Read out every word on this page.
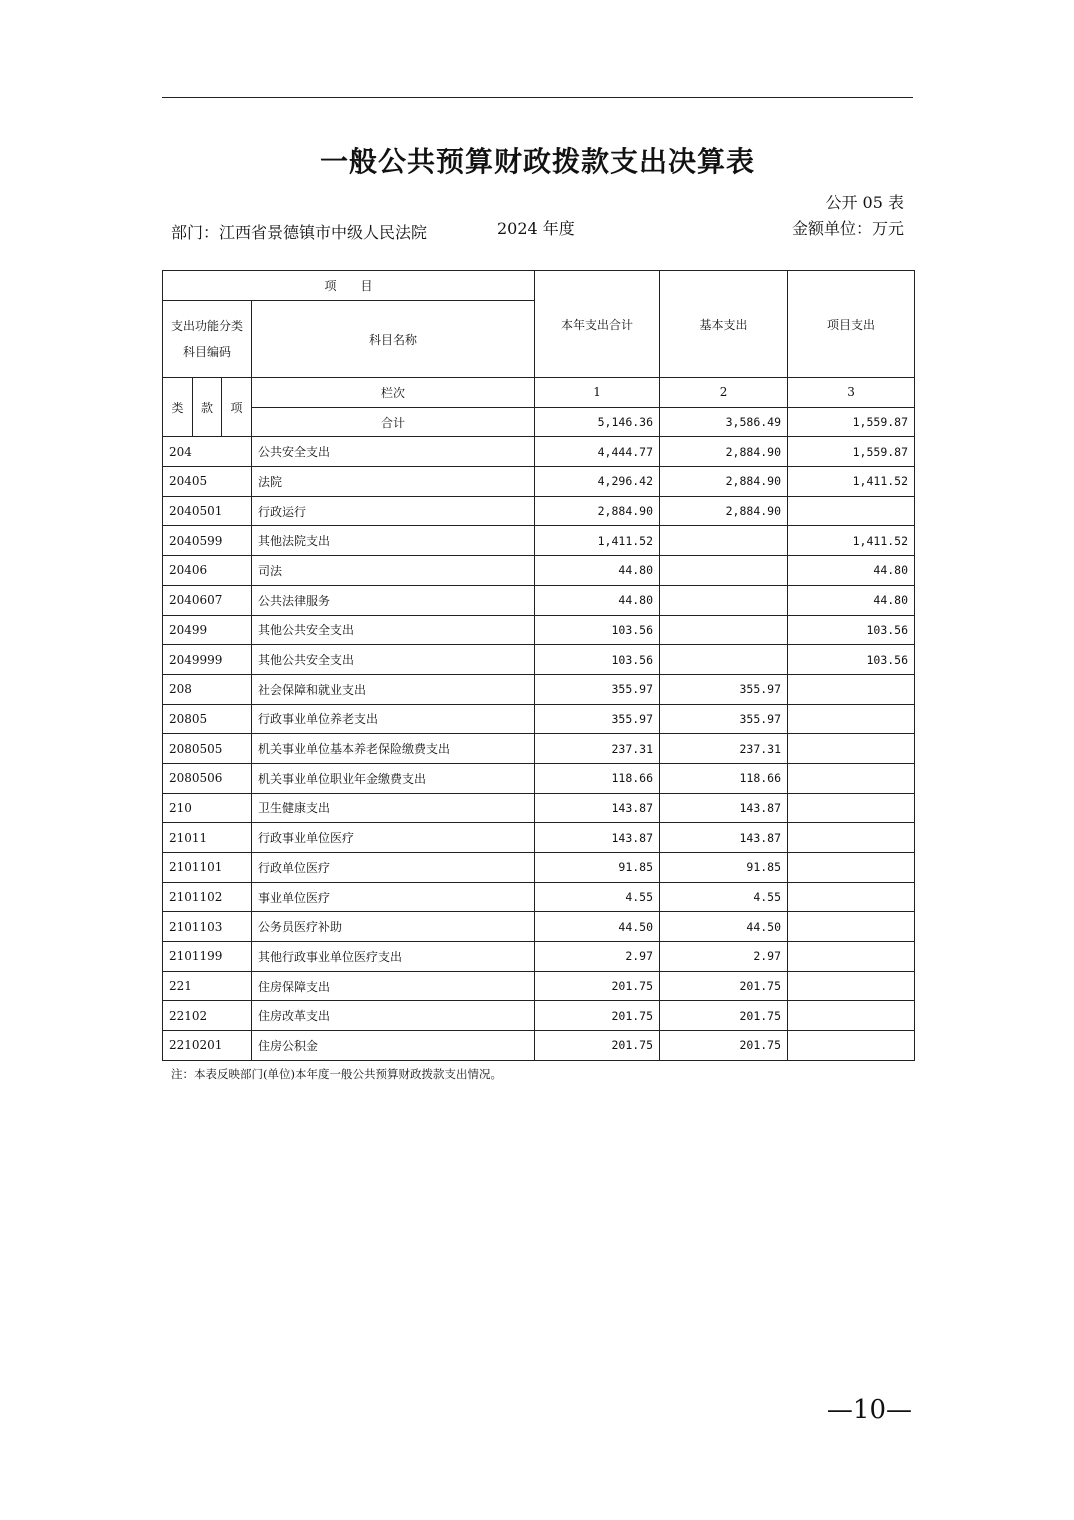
一般公共预算财政拨款支出决算表
公开 05 表
部门：江西省景德镇市中级人民法院	2024 年度	金额单位：万元
项　　目				本年支出合计	基本支出	项目支出
支出功能分类科目编码			科目名称			
类	款	项	栏次	1	2	3
			合计	5,146.36	3,586.49	1,559.87
204			公共安全支出	4,444.77	2,884.90	1,559.87
20405			法院	4,296.42	2,884.90	1,411.52
2040501			行政运行	2,884.90	2,884.90	
2040599			其他法院支出	1,411.52		1,411.52
20406			司法	44.80		44.80
2040607			公共法律服务	44.80		44.80
20499			其他公共安全支出	103.56		103.56
2049999			其他公共安全支出	103.56		103.56
208			社会保障和就业支出	355.97	355.97	
20805			行政事业单位养老支出	355.97	355.97	
2080505			机关事业单位基本养老保险缴费支出	237.31	237.31	
2080506			机关事业单位职业年金缴费支出	118.66	118.66	
210			卫生健康支出	143.87	143.87	
21011			行政事业单位医疗	143.87	143.87	
2101101			行政单位医疗	91.85	91.85	
2101102			事业单位医疗	4.55	4.55	
2101103			公务员医疗补助	44.50	44.50	
2101199			其他行政事业单位医疗支出	2.97	2.97	
221			住房保障支出	201.75	201.75	
22102			住房改革支出	201.75	201.75	
2210201			住房公积金	201.75	201.75	
注：本表反映部门(单位)本年度一般公共预算财政拨款支出情况。
—10—
